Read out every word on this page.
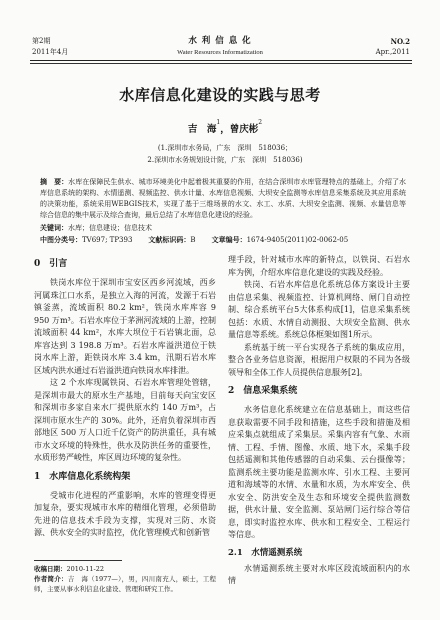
第2期
2011年4月
水 利 信 息 化
Water Resources Informatization
NO.2
Apr.,2011
水库信息化建设的实践与思考
吉　海$^1$，曾庆彬$^2$
(1.深圳市水务局，广东　深圳　518036；
2.深圳市水务规划设计院，广东　深圳　518036)
摘　要：水库在保障民生供水、城市环境美化中起着极其重要的作用，在结合深圳市水库管理特点的基础上，介绍了水库信息系统的架构、水情遥测、视频监控、供水计量、水库信息视频、大坝安全监测等水库信息采集系统及其应用系统的决策功能，系统采用WEBGIS技术，实现了基于三维场景的水文、水工、水质、大坝安全监测、视频、水量信息等综合信息的集中展示及综合查询，最后总结了水库信息化建设的经验。
关键词：水库；信息建设；信息技术
中图分类号：TV697; TP393 文献标识码：B 文章编号：1674-9405(2011)02-0062-05
0　引言

铁岗水库位于深圳市宝安区西乡河流域，西乡河属珠江口水系，是独立入海的河流，发源于石岩镇釜蒸，流域面积 80.2 km²，铁岗水库库容 9 950 万m³。石岩水库位于茅洲河流域的上游，控制流域面积 44 km²，水库大坝位于石岩镇北面，总库容达到 3 198.8 万m³。石岩水库溢洪道位于铁岗水库上游，距铁岗水库 3.4 km，汛期石岩水库区域内洪水通过石岩溢洪道向铁岗水库排泄。

这 2 个水库现属铁岗、石岩水库管理处管辖，是深圳市最大的原水生产基地，目前每天向宝安区和深圳市多家自来水厂提供原水约 140 万m³，占深圳市原水生产的 30%。此外，还肩负着深圳市西部地区 500 万人口近千亿资产的防洪重任，具有城市水文环境的特殊性，供水及防洪任务的重要性，水质形势严峻性，库区周边环境的复杂性。

1　水库信息化系统构架

受城市化进程的严重影响，水库的管理变得更加复杂，要实现城市水库的精细化管理，必须借助先进的信息技术手段为支撑，实现对三防、水资源、供水安全的实时监控，优化管理模式和创新管

理手段，针对城市水库的新特点，以铁岗、石岩水库为例，介绍水库信息化建设的实践及经验。

铁岗、石岩水库信息化系统总体方案设计主要由信息采集、视频监控、计算机网络、闸门自动控制、综合系统平台5大体系构成[1]，信息采集系统包括：水质、水情自动测报、大坝安全监测、供水量信息等系统。系统总体框架如图1所示。

系统基于统一平台实现各子系统的集成应用，整合各业务信息资源，根据用户权限的不同为各级领导和全体工作人员提供信息服务[2]。

2　信息采集系统

水务信息化系统建立在信息基础上，而这些信息获取需要不同手段和措施，这些手段和措施及相应采集点就组成了采集层。采集内容有气象、水雨情、工程、手情、图像、水质、地下水，采集手段包括遥测和其他传感器的自动采集、云台摄像等；监测系统主要功能是监测水库、引水工程、主要河道和海域等的水情、水量和水质，为水库安全、供水安全、防洪安全及生态和环境安全提供监测数据，供水计量、安全监测、泵站闸门运行综合等信息，即实时监控水库、供水和工程安全、工程运行等信息。

2.1　水情遥测系统

水情遥测系统主要对水库区段流域面积内的水情

收稿日期：2010-11-22
作者简介：吉　海（1977—），男，四川南充人，硕士，工程师，主要从事水利信息化建设、管理和研究工作。
